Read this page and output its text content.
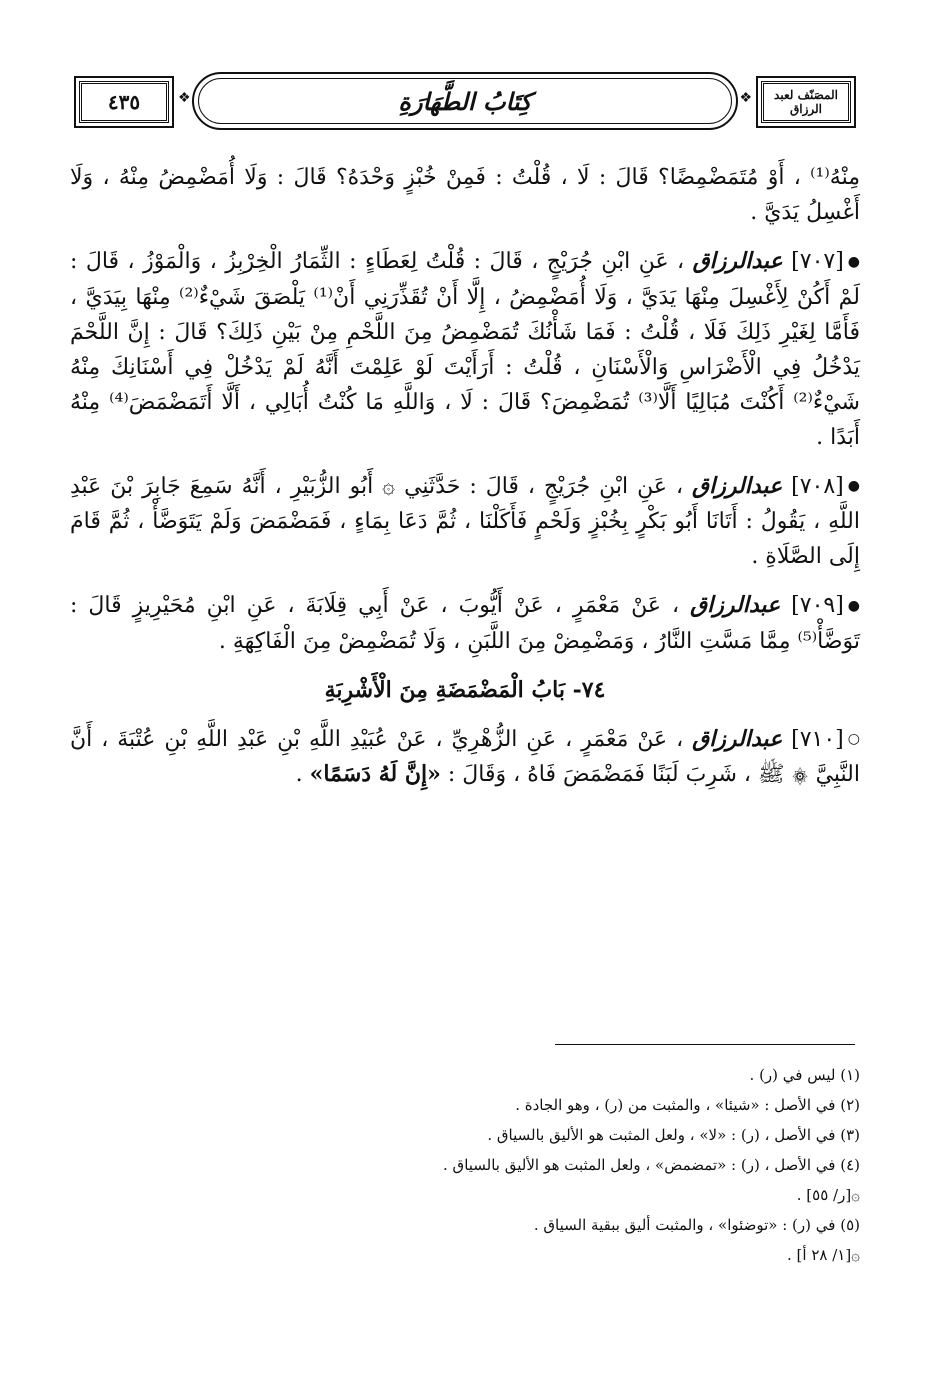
٤٣٥	❖	كِتَابُ الطَّهَارَةِ	❖	المصَنّف لعبد الرزاق

مِنْهُ⁽¹⁾ ، أَوْ مُتَمَضْمِضًا؟ قَالَ : لَا ، قُلْتُ : فَمِنْ خُبْزٍ وَحْدَهُ؟ قَالَ : وَلَا أُمَضْمِضُ مِنْهُ ، وَلَا أَغْسِلُ يَدَيَّ .

●[٧٠٧] عبدالرزاق ، عَنِ ابْنِ جُرَيْجٍ ، قَالَ : قُلْتُ لِعَطَاءٍ : الثِّمَارُ الْخِرْبِزُ ، وَالْمَوْزُ ، قَالَ : لَمْ أَكُنْ لِأَغْسِلَ مِنْهَا يَدَيَّ ، وَلَا أُمَضْمِضُ ، إِلَّا أَنْ تُقَذِّرَنِي أَنْ⁽¹⁾ يَلْصَقَ شَيْءٌ⁽²⁾ مِنْهَا بِيَدَيَّ ، فَأَمَّا لِغَيْرِ ذَلِكَ فَلَا ، قُلْتُ : فَمَا شَأْنُكَ تُمَضْمِضُ مِنَ اللَّحْمِ مِنْ بَيْنِ ذَلِكَ؟ قَالَ : إِنَّ اللَّحْمَ يَدْخُلُ فِي الْأَضْرَاسِ وَالْأَسْنَانِ ، قُلْتُ : أَرَأَيْتَ لَوْ عَلِمْتَ أَنَّهُ لَمْ يَدْخُلْ فِي أَسْنَانِكَ مِنْهُ شَيْءٌ⁽²⁾ أَكُنْتَ مُبَالِيًا أَلَّا⁽³⁾ تُمَضْمِضَ؟ قَالَ : لَا ، وَاللَّهِ مَا كُنْتُ أُبَالِي ، أَلَّا أَتَمَضْمَضَ⁽⁴⁾ مِنْهُ أَبَدًا .

●[٧٠٨] عبدالرزاق ، عَنِ ابْنِ جُرَيْجٍ ، قَالَ : حَدَّثَنِي ۞ أَبُو الزُّبَيْرِ ، أَنَّهُ سَمِعَ جَابِرَ بْنَ عَبْدِ اللَّهِ ، يَقُولُ : أَتَانَا أَبُو بَكْرٍ بِخُبْزٍ وَلَحْمٍ فَأَكَلْنَا ، ثُمَّ دَعَا بِمَاءٍ ، فَمَضْمَضَ وَلَمْ يَتَوَضَّأْ ، ثُمَّ قَامَ إِلَى الصَّلَاةِ .

●[٧٠٩] عبدالرزاق ، عَنْ مَعْمَرٍ ، عَنْ أَيُّوبَ ، عَنْ أَبِي قِلَابَةَ ، عَنِ ابْنِ مُحَيْرِيزٍ قَالَ : تَوَضَّأْ⁽⁵⁾ مِمَّا مَسَّتِ النَّارُ ، وَمَضْمِضْ مِنَ اللَّبَنِ ، وَلَا تُمَضْمِضْ مِنَ الْفَاكِهَةِ .

٧٤- بَابُ الْمَضْمَضَةِ مِنَ الْأَشْرِبَةِ

○[٧١٠] عبدالرزاق ، عَنْ مَعْمَرٍ ، عَنِ الزُّهْرِيِّ ، عَنْ عُبَيْدِ اللَّهِ بْنِ عَبْدِ اللَّهِ بْنِ عُتْبَةَ ، أَنَّ النَّبِيَّ ۞ ﷺ ، شَرِبَ لَبَنًا فَمَضْمَضَ فَاهُ ، وَقَالَ : «إِنَّ لَهُ دَسَمًا» .

(١) ليس في (ر) .
(٢) في الأصل : «شيئا» ، والمثبت من (ر) ، وهو الجادة .
(٣) في الأصل ، (ر) : «لا» ، ولعل المثبت هو الأليق بالسياق .
(٤) في الأصل ، (ر) : «تمضمض» ، ولعل المثبت هو الأليق بالسياق .
۞[ر/ ٥٥] .
(٥) في (ر) : «توضئوا» ، والمثبت أليق ببقية السياق .
۞[١/ ٢٨ أ] .
